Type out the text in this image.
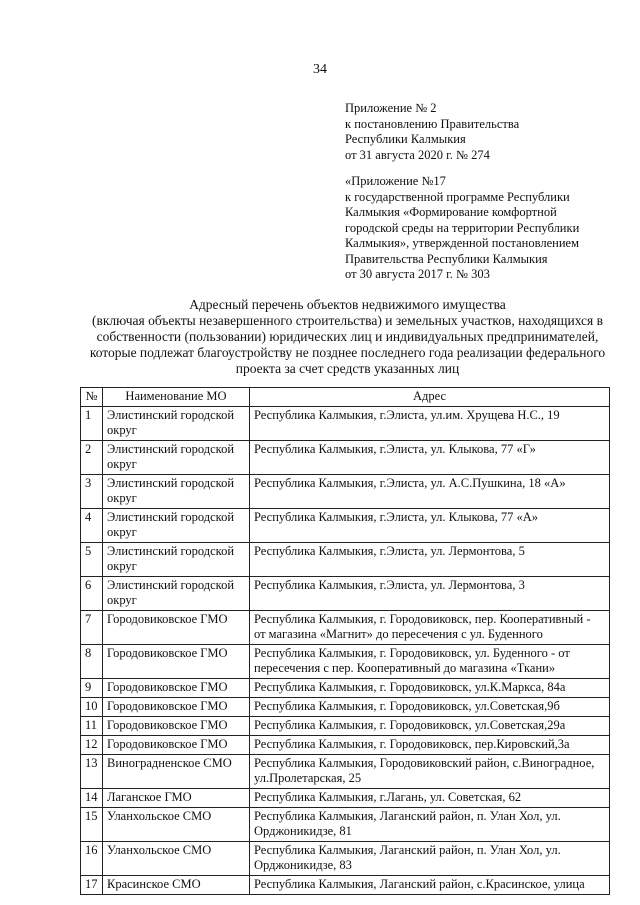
34
Приложение № 2
к постановлению Правительства
Республики Калмыкия
от 31 августа 2020 г. № 274
«Приложение №17
к государственной программе Республики
Калмыкия «Формирование комфортной
городской среды на территории Республики
Калмыкия», утвержденной постановлением
Правительства Республики Калмыкия
от 30 августа 2017 г. № 303
Адресный перечень объектов недвижимого имущества
(включая объекты незавершенного строительства) и земельных участков, находящихся в
собственности (пользовании) юридических лиц и индивидуальных предпринимателей,
которые подлежат благоустройству не позднее последнего года реализации федерального
проекта за счет средств указанных лиц
№	Наименование МО	Адрес
1	Элистинский городской округ	Республика Калмыкия, г.Элиста, ул.им. Хрущева Н.С., 19
2	Элистинский городской округ	Республика Калмыкия, г.Элиста, ул. Клыкова, 77 «Г»
3	Элистинский городской округ	Республика Калмыкия, г.Элиста, ул. А.С.Пушкина, 18 «А»
4	Элистинский городской округ	Республика Калмыкия, г.Элиста, ул. Клыкова, 77 «А»
5	Элистинский городской округ	Республика Калмыкия, г.Элиста, ул. Лермонтова, 5
6	Элистинский городской округ	Республика Калмыкия, г.Элиста, ул. Лермонтова, 3
7	Городовиковское ГМО	Республика Калмыкия, г. Городовиковск, пер. Кооперативный - от магазина «Магнит» до пересечения с ул. Буденного
8	Городовиковское ГМО	Республика Калмыкия, г. Городовиковск, ул. Буденного - от пересечения с пер. Кооперативный до магазина «Ткани»
9	Городовиковское ГМО	Республика Калмыкия, г. Городовиковск, ул.К.Маркса, 84а
10	Городовиковское ГМО	Республика Калмыкия, г. Городовиковск, ул.Советская,9б
11	Городовиковское ГМО	Республика Калмыкия, г. Городовиковск, ул.Советская,29а
12	Городовиковское ГМО	Республика Калмыкия, г. Городовиковск, пер.Кировский,3а
13	Виноградненское СМО	Республика Калмыкия, Городовиковский район, с.Виноградное, ул.Пролетарская, 25
14	Лаганское ГМО	Республика Калмыкия, г.Лагань, ул. Советская, 62
15	Уланхольское СМО	Республика Калмыкия, Лаганский район, п. Улан Хол, ул. Орджоникидзе, 81
16	Уланхольское СМО	Республика Калмыкия, Лаганский район, п. Улан Хол, ул. Орджоникидзе, 83
17	Красинское СМО	Республика Калмыкия, Лаганский район, с.Красинское, улица
